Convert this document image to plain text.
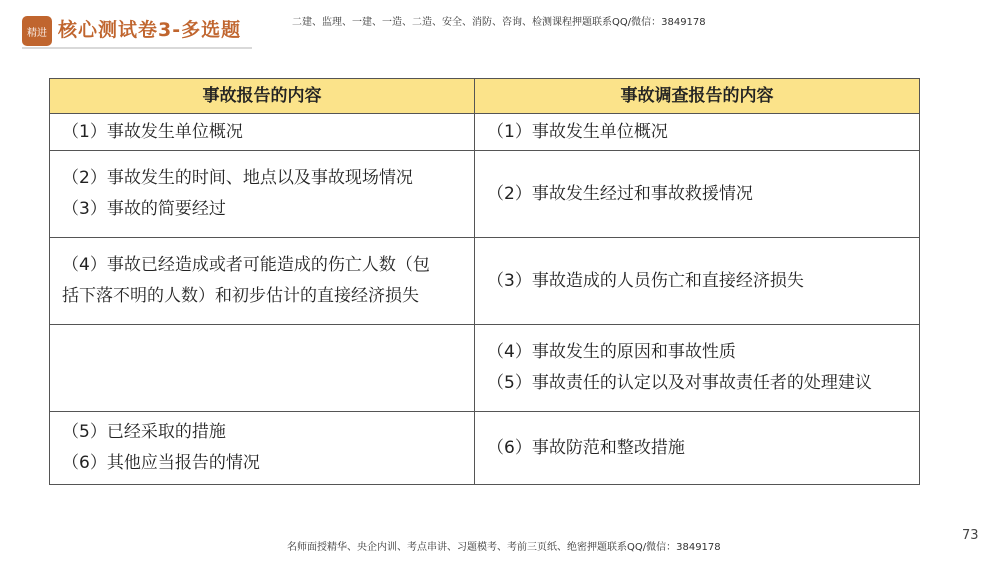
精进 核心测试卷3-多选题	二建、监理、一建、一造、二造、安全、消防、咨询、检测课程押题联系QQ/微信：3849178
事故报告的内容	事故调查报告的内容

（1）事故发生单位概况	（1）事故发生单位概况

（2）事故发生的时间、地点以及事故现场情况
（3）事故的简要经过	（2）事故发生经过和事故救援情况

（4）事故已经造成或者可能造成的伤亡人数（包
括下落不明的人数）和初步估计的直接经济损失	（3）事故造成的人员伤亡和直接经济损失

	（4）事故发生的原因和事故性质
（5）事故责任的认定以及对事故责任者的处理建议

（5）已经采取的措施
（6）其他应当报告的情况	（6）事故防范和整改措施
名师面授精华、央企内训、考点串讲、习题模考、考前三页纸、绝密押题联系QQ/微信：3849178
73
